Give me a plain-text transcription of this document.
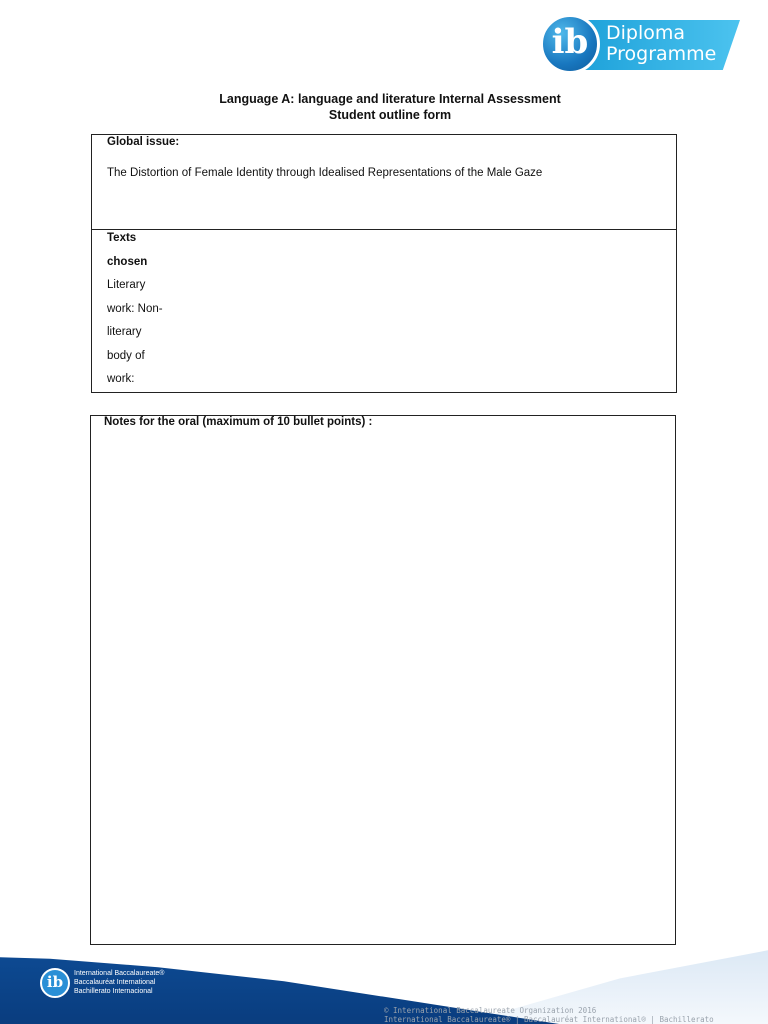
Diploma
Programme
ib
Language A: language and literature Internal Assessment
Student outline form
Global issue:
The Distortion of Female Identity through Idealised Representations of the Male Gaze
Texts
chosen
Literary
work: Non-
literary
body of
work:
Notes for the oral (maximum of 10 bullet points) :
ib	International Baccalaureate®
Baccalauréat International
Bachillerato Internacional
© International Baccalaureate Organization 2016
International Baccalaureate® | Baccalauréat International® | Bachillerato
